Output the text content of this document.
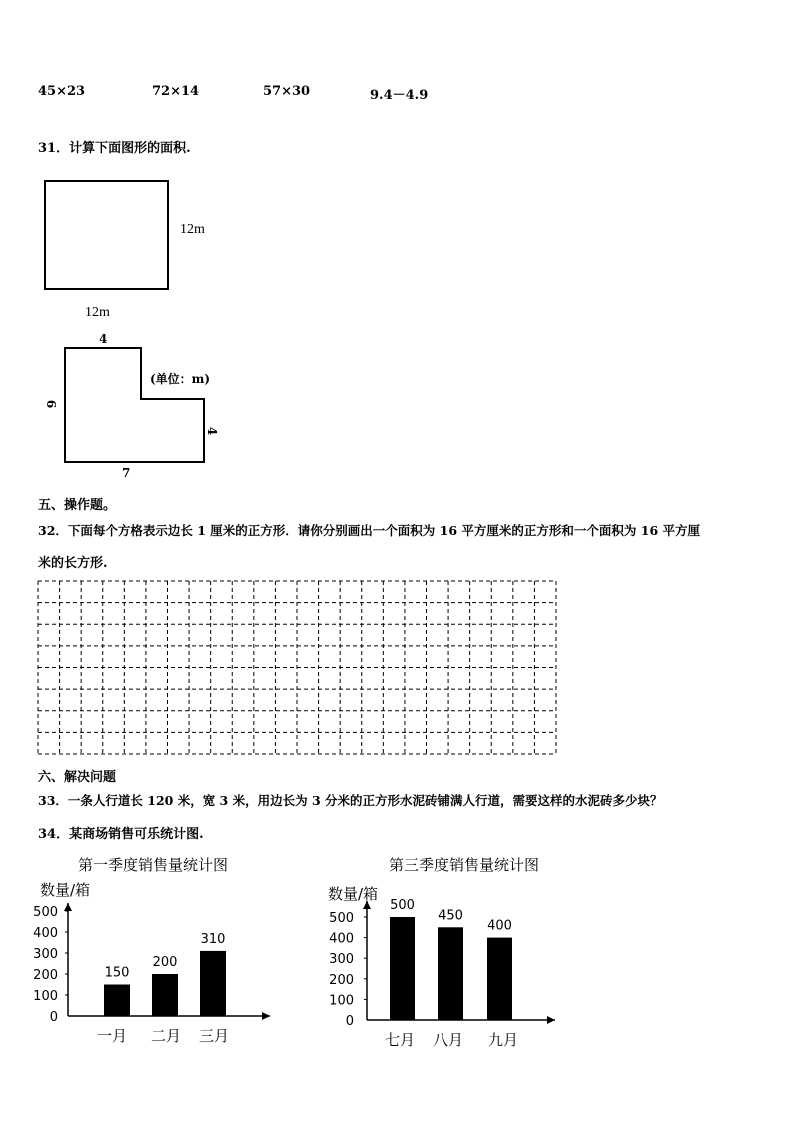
45×23	72×14	57×30	9.4－4.9
31．计算下面图形的面积.
12m
12m
4
6
4
7
(单位：m)
五、操作题。
32．下面每个方格表示边长 1 厘米的正方形．请你分别画出一个面积为 16 平方厘米的正方形和一个面积为 16 平方厘
米的长方形.
六、解决问题
33．一条人行道长 120 米，宽 3 米，用边长为 3 分米的正方形水泥砖铺满人行道，需要这样的水泥砖多少块？
34．某商场销售可乐统计图.
第一季度销售量统计图	第三季度销售量统计图
数量/箱
0
100
200
300
400
500
150
一月
200
二月
310
三月
数量/箱
0
100
200
300
400
500
500
七月
450
八月
400
九月
